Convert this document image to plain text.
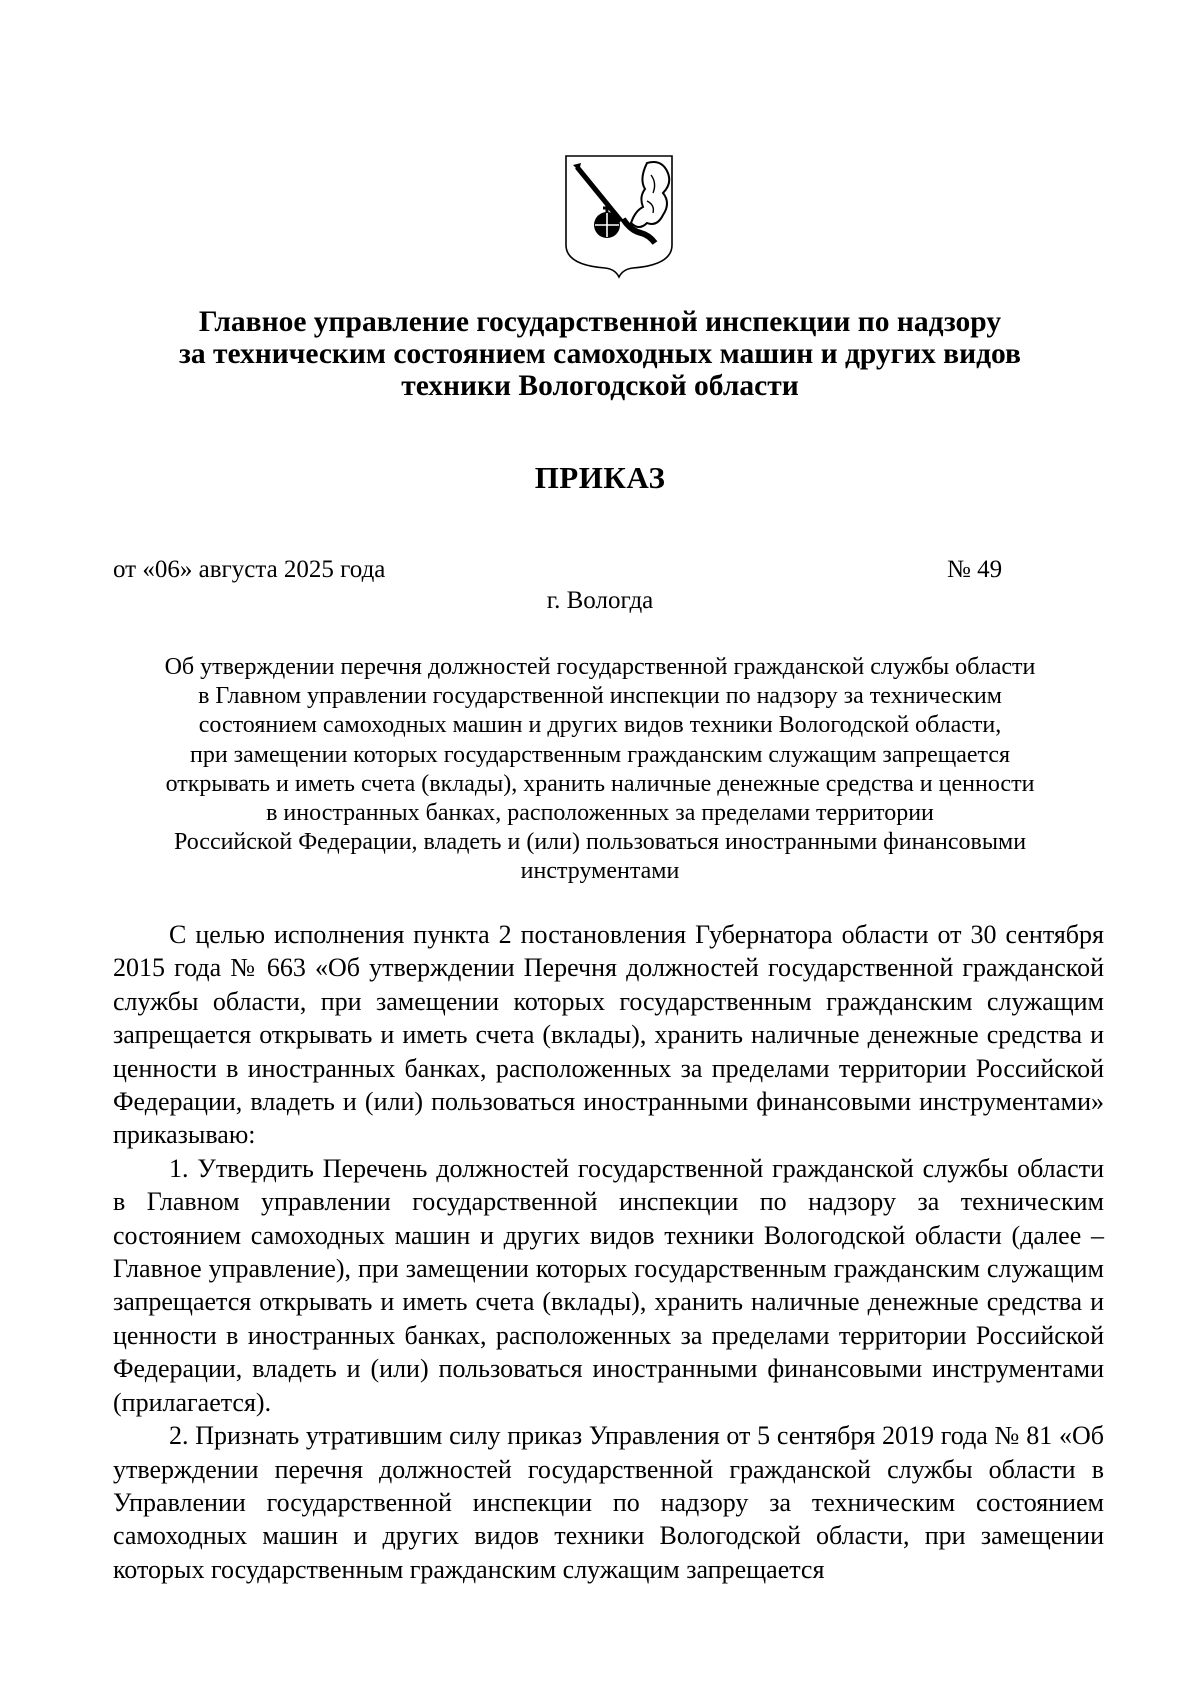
Главное управление государственной инспекции по надзору
за техническим состоянием самоходных машин и других видов
техники Вологодской области
ПРИКАЗ
от «06» августа 2025 года	№ 49
г. Вологда
Об утверждении перечня должностей государственной гражданской службы области
в Главном управлении государственной инспекции по надзору за техническим
состоянием самоходных машин и других видов техники Вологодской области,
при замещении которых государственным гражданским служащим запрещается
открывать и иметь счета (вклады), хранить наличные денежные средства и ценности
в иностранных банках, расположенных за пределами территории
Российской Федерации, владеть и (или) пользоваться иностранными финансовыми
инструментами

С целью исполнения пункта 2 постановления Губернатора области от 30 сентября 2015 года № 663 «Об утверждении Перечня должностей государственной гражданской службы области, при замещении которых государственным гражданским служащим запрещается открывать и иметь счета (вклады), хранить наличные денежные средства и ценности в иностранных банках, расположенных за пределами территории Российской Федерации, владеть и (или) пользоваться иностранными финансовыми инструментами» приказываю:

1. Утвердить Перечень должностей государственной гражданской службы области в Главном управлении государственной инспекции по надзору за техническим состоянием самоходных машин и других видов техники Вологодской области (далее – Главное управление), при замещении которых государственным гражданским служащим запрещается открывать и иметь счета (вклады), хранить наличные денежные средства и ценности в иностранных банках, расположенных за пределами территории Российской Федерации, владеть и (или) пользоваться иностранными финансовыми инструментами (прилагается).

2. Признать утратившим силу приказ Управления от 5 сентября 2019 года № 81 «Об утверждении перечня должностей государственной гражданской службы области в Управлении государственной инспекции по надзору за техническим состоянием самоходных машин и других видов техники Вологодской области, при замещении которых государственным гражданским служащим запрещается
